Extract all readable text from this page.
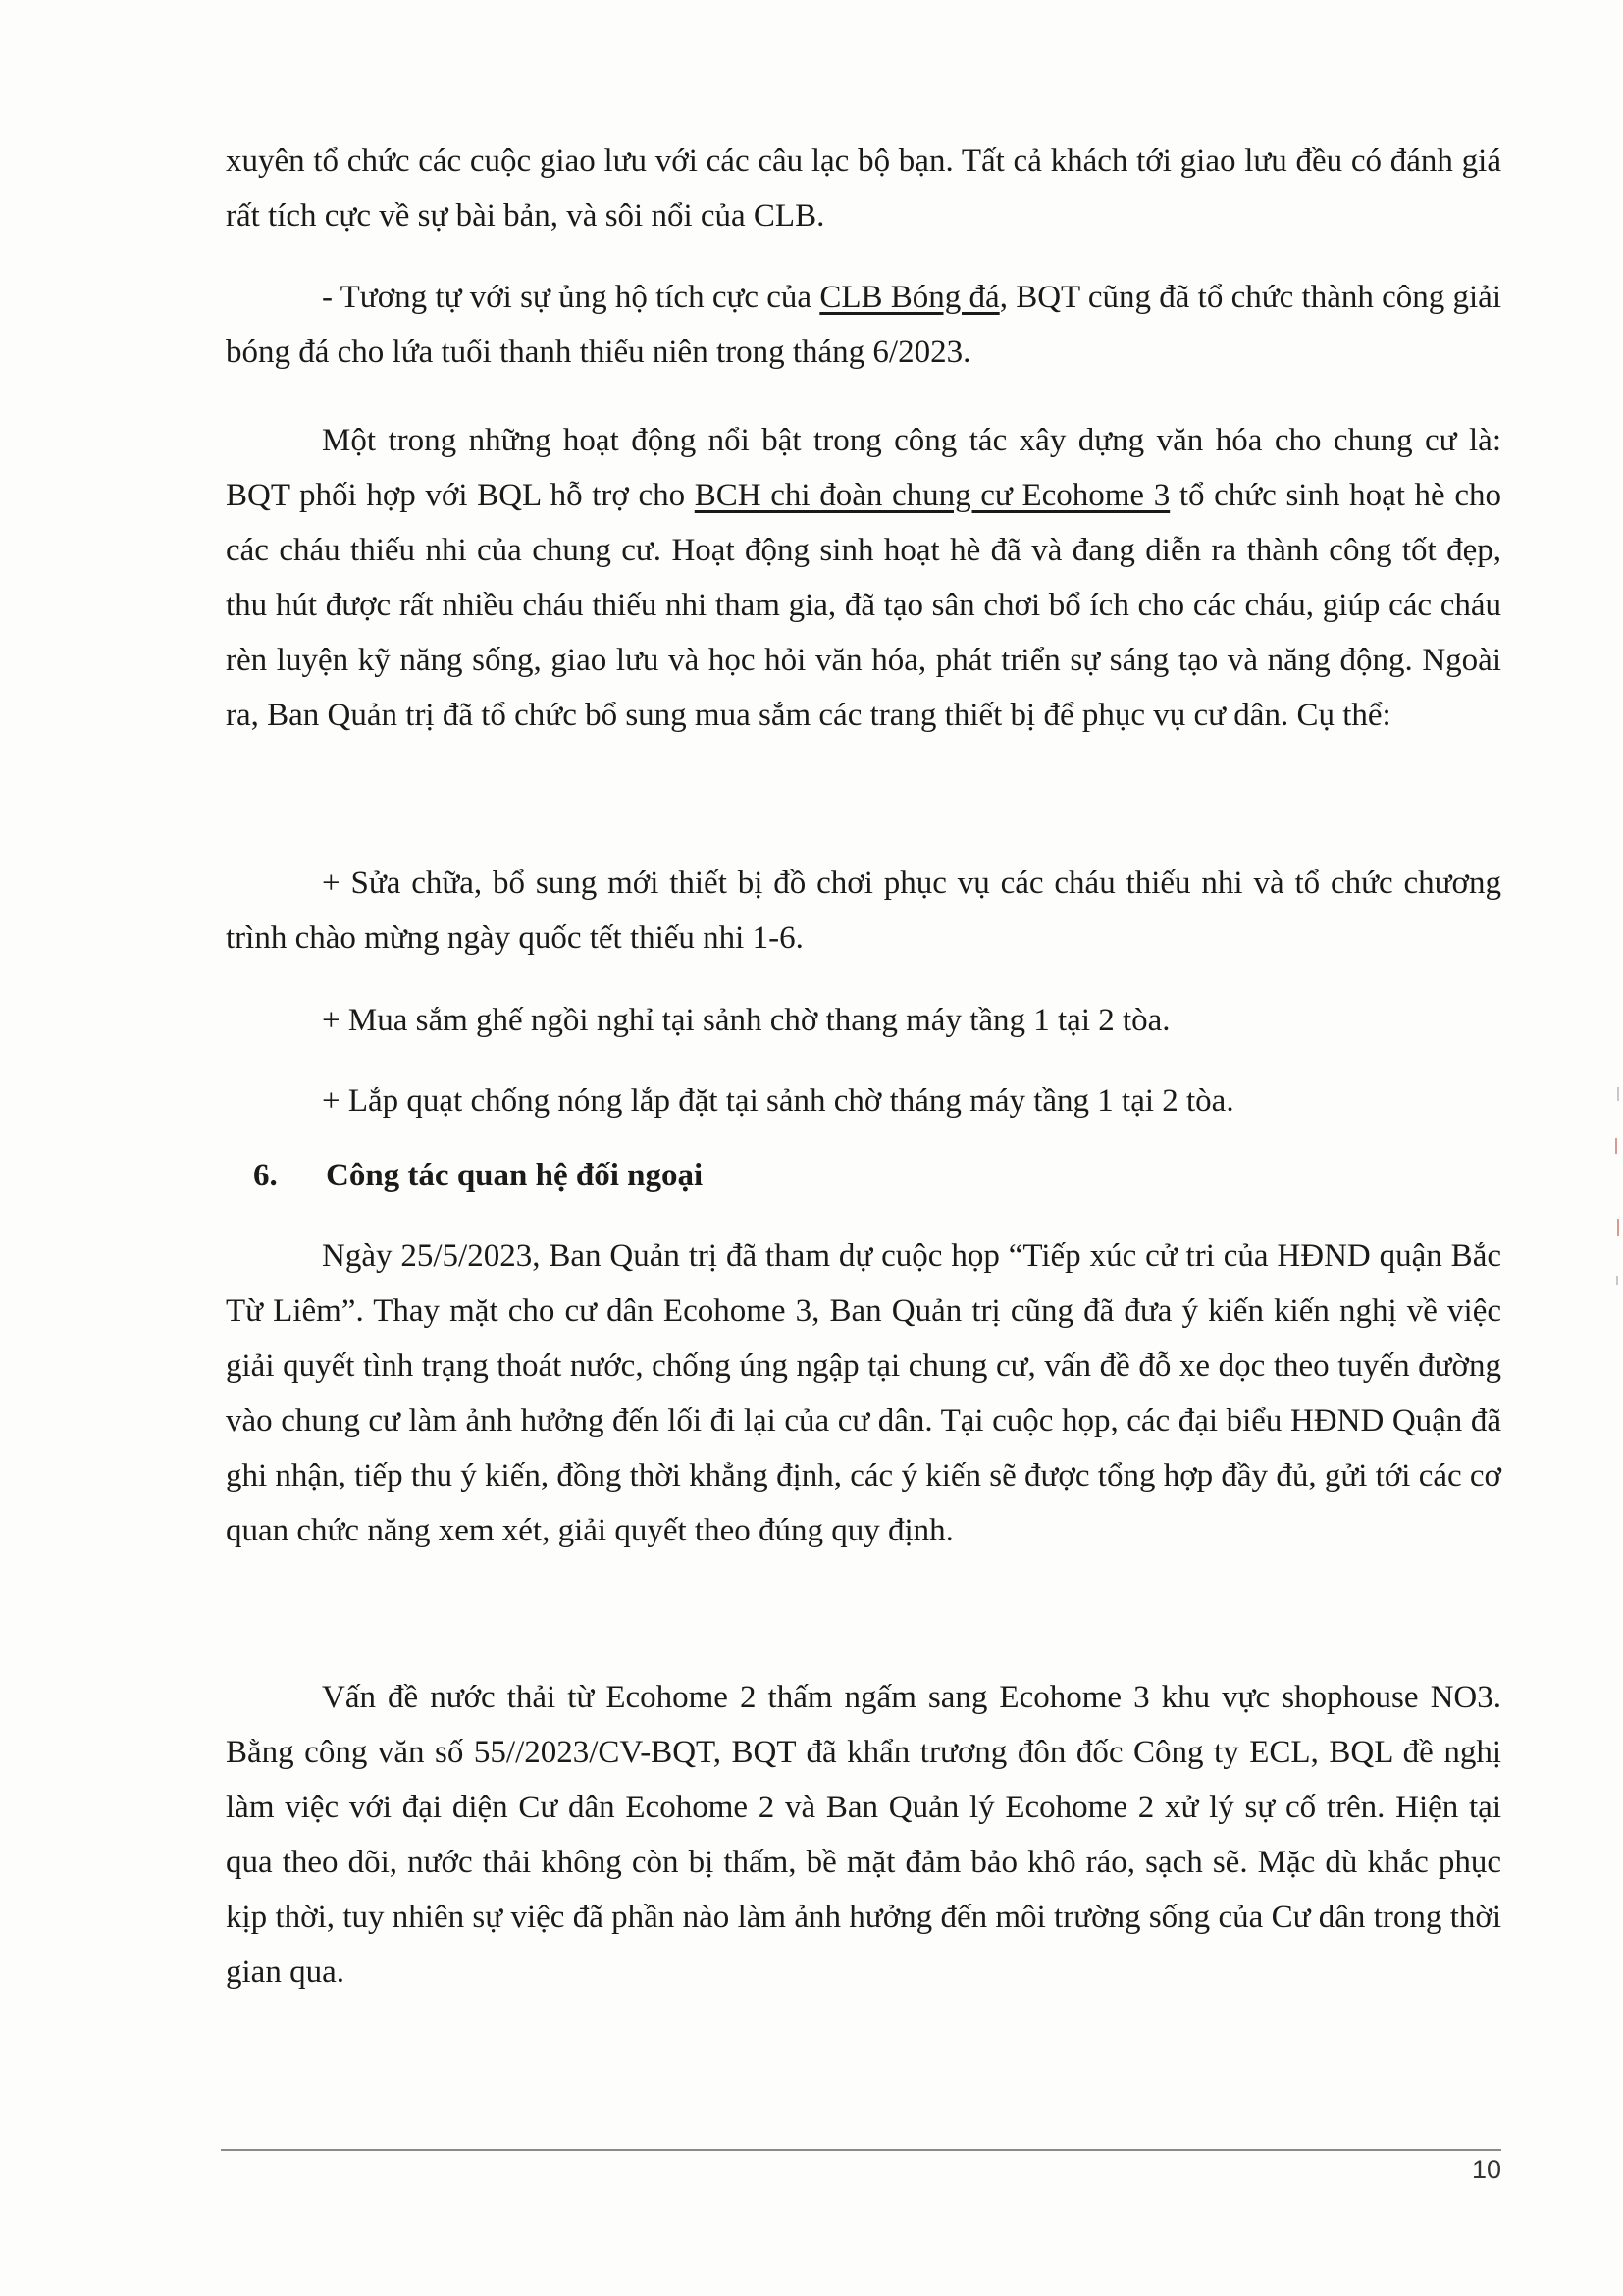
xuyên tổ chức các cuộc giao lưu với các câu lạc bộ bạn. Tất cả khách tới giao lưu đều có đánh giá rất tích cực về sự bài bản, và sôi nổi của CLB.

- Tương tự với sự ủng hộ tích cực của CLB Bóng đá, BQT cũng đã tổ chức thành công giải bóng đá cho lứa tuổi thanh thiếu niên trong tháng 6/2023.

Một trong những hoạt động nổi bật trong công tác xây dựng văn hóa cho chung cư là: BQT phối hợp với BQL hỗ trợ cho BCH chi đoàn chung cư Ecohome 3 tổ chức sinh hoạt hè cho các cháu thiếu nhi của chung cư. Hoạt động sinh hoạt hè đã và đang diễn ra thành công tốt đẹp, thu hút được rất nhiều cháu thiếu nhi tham gia, đã tạo sân chơi bổ ích cho các cháu, giúp các cháu rèn luyện kỹ năng sống, giao lưu và học hỏi văn hóa, phát triển sự sáng tạo và năng động. Ngoài ra, Ban Quản trị đã tổ chức bổ sung mua sắm các trang thiết bị để phục vụ cư dân. Cụ thể:

+ Sửa chữa, bổ sung mới thiết bị đồ chơi phục vụ các cháu thiếu nhi và tổ chức chương trình chào mừng ngày quốc tết thiếu nhi 1-6.

+ Mua sắm ghế ngồi nghỉ tại sảnh chờ thang máy tầng 1 tại 2 tòa.

+ Lắp quạt chống nóng lắp đặt tại sảnh chờ tháng máy tầng 1 tại 2 tòa.

6. Công tác quan hệ đối ngoại

Ngày 25/5/2023, Ban Quản trị đã tham dự cuộc họp “Tiếp xúc cử tri của HĐND quận Bắc Từ Liêm”. Thay mặt cho cư dân Ecohome 3, Ban Quản trị cũng đã đưa ý kiến kiến nghị về việc giải quyết tình trạng thoát nước, chống úng ngập tại chung cư, vấn đề đỗ xe dọc theo tuyến đường vào chung cư làm ảnh hưởng đến lối đi lại của cư dân. Tại cuộc họp, các đại biểu HĐND Quận đã ghi nhận, tiếp thu ý kiến, đồng thời khẳng định, các ý kiến sẽ được tổng hợp đầy đủ, gửi tới các cơ quan chức năng xem xét, giải quyết theo đúng quy định.

Vấn đề nước thải từ Ecohome 2 thấm ngấm sang Ecohome 3 khu vực shophouse NO3. Bằng công văn số 55//2023/CV-BQT, BQT đã khẩn trương đôn đốc Công ty ECL, BQL đề nghị làm việc với đại diện Cư dân Ecohome 2 và Ban Quản lý Ecohome 2 xử lý sự cố trên. Hiện tại qua theo dõi, nước thải không còn bị thấm, bề mặt đảm bảo khô ráo, sạch sẽ. Mặc dù khắc phục kịp thời, tuy nhiên sự việc đã phần nào làm ảnh hưởng đến môi trường sống của Cư dân trong thời gian qua.

10
